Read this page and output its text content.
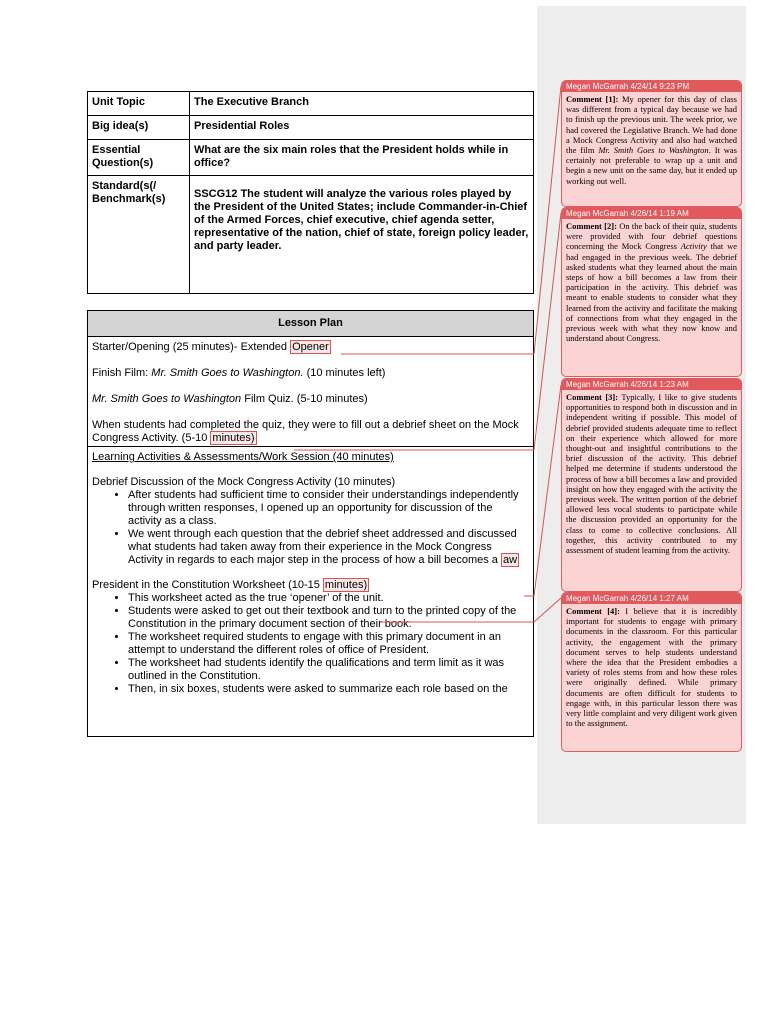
Unit Topic	The Executive Branch
Big idea(s)	Presidential Roles
Essential Question(s)	What are the six main roles that the President holds while in office?
Standard(s(/ Benchmark(s)	SSCG12 The student will analyze the various roles played by the President of the United States; include Commander-in-Chief of the Armed Forces, chief executive, chief agenda setter, representative of the nation, chief of state, foreign policy leader, and party leader.
Lesson Plan

Starter/Opening (25 minutes)- Extended Opener

Finish Film: Mr. Smith Goes to Washington. (10 minutes left)

Mr. Smith Goes to Washington Film Quiz. (5-10 minutes)

When students had completed the quiz, they were to fill out a debrief sheet on the Mock Congress Activity. (5-10 minutes)

Learning Activities & Assessments/Work Session (40 minutes)

Debrief Discussion of the Mock Congress Activity (10 minutes)

• After students had sufficient time to consider their understandings independently through written responses, I opened up an opportunity for discussion of the activity as a class.
• We went through each question that the debrief sheet addressed and discussed what students had taken away from their experience in the Mock Congress Activity in regards to each major step in the process of how a bill becomes a aw

President in the Constitution Worksheet (10-15 minutes)

• This worksheet acted as the true ‘opener’ of the unit.
• Students were asked to get out their textbook and turn to the printed copy of the Constitution in the primary document section of their book.
• The worksheet required students to engage with this primary document in an attempt to understand the different roles of office of President.
• The worksheet had students identify the qualifications and term limit as it was outlined in the Constitution.
• Then, in six boxes, students were asked to summarize each role based on the
Megan McGarrah 4/24/14 9:23 PM
Comment [1]: My opener for this day of class was different from a typical day because we had to finish up the previous unit. The week prior, we had covered the Legislative Branch. We had done a Mock Congress Activity and also had watched the film Mr. Smith Goes to Washington. It was certainly not preferable to wrap up a unit and begin a new unit on the same day, but it ended up working out well.
Megan McGarrah 4/26/14 1:19 AM
Comment [2]: On the back of their quiz, students were provided with four debrief questions concerning the Mock Congress Activity that we had engaged in the previous week. The debrief asked students what they learned about the main steps of how a bill becomes a law from their participation in the activity. This debrief was meant to enable students to consider what they learned from the activity and facilitate the making of connections from what they engaged in the previous week with what they now know and understand about Congress.
Megan McGarrah 4/26/14 1:23 AM
Comment [3]: Typically, I like to give students opportunities to respond both in discussion and in independent writing if possible. This model of debrief provided students adequate time to reflect on their experience which allowed for more thought-out and insightful contributions to the brief discussion of the activity. This debrief helped me determine if students understood the process of how a bill becomes a law and provided insight on how they engaged with the activity the previous week. The written portion of the debrief allowed less vocal students to participate while the discussion provided an opportunity for the class to come to collective conclusions. All together, this activity contributed to my assessment of student learning from the activity.
Megan McGarrah 4/26/14 1:27 AM
Comment [4]: I believe that it is incredibly important for students to engage with primary documents in the classroom. For this particular activity, the engagement with the primary document serves to help students understand where the idea that the President embodies a variety of roles stems from and how these roles were originally defined. While primary documents are often difficult for students to engage with, in this particular lesson there was very little complaint and very diligent work given to the assignment.
